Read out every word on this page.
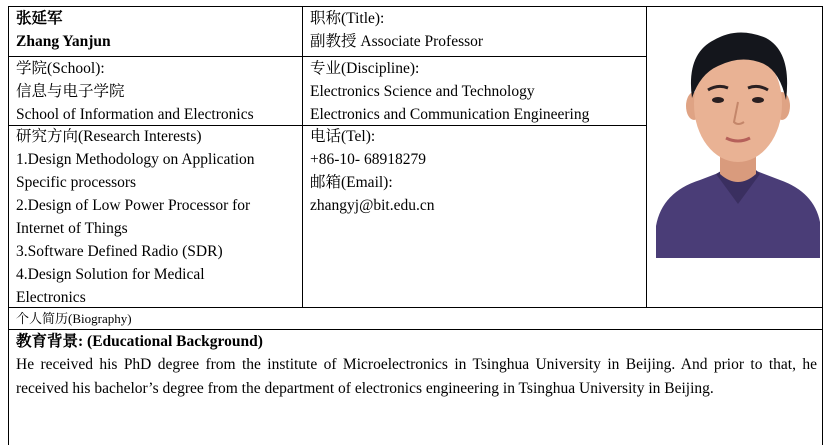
张延军
Zhang Yanjun
职称(Title):
副教授 Associate Professor
学院(School):
信息与电子学院
School of Information and Electronics
专业(Discipline):
Electronics Science and Technology
Electronics and Communication Engineering
研究方向(Research Interests)
1.Design Methodology on Application
Specific processors
2.Design of Low Power Processor for
Internet of Things
3.Software Defined Radio (SDR)
4.Design Solution for Medical
Electronics
电话(Tel):
+86-10- 68918279
邮箱(Email):
zhangyj@bit.edu.cn
个人简历(Biography)
教育背景: (Educational Background)
He received his PhD degree from the institute of Microelectronics in Tsinghua University in Beijing. And prior to that, he received his bachelor’s degree from the department of electronics engineering in Tsinghua University in Beijing.
